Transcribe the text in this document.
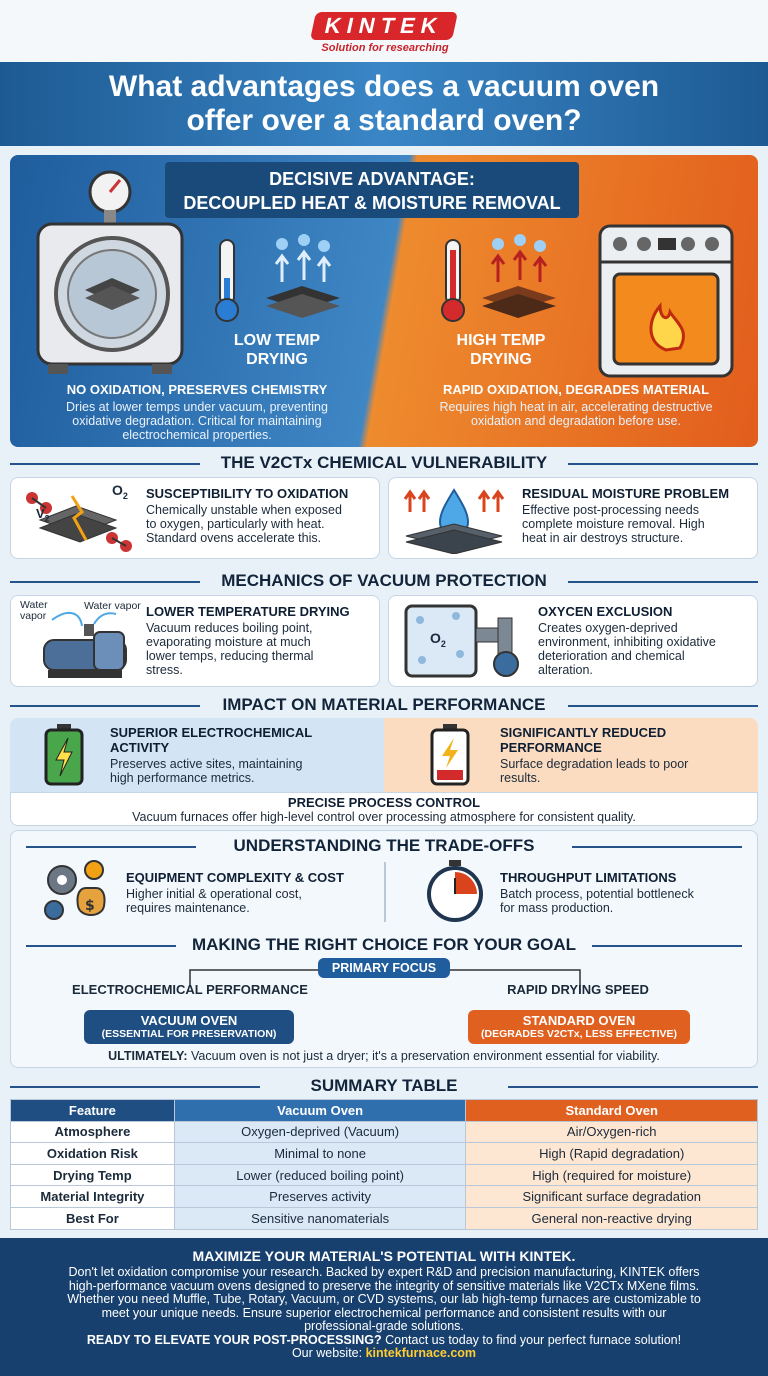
KINTEK
Solution for researching
What advantages does a vacuum oven
offer over a standard oven?
DECISIVE ADVANTAGE:
DECOUPLED HEAT & MOISTURE REMOVAL
LOW TEMP
DRYING
HIGH TEMP
DRYING
NO OXIDATION, PRESERVES CHEMISTRY
Dries at lower temps under vacuum, preventing
oxidative degradation. Critical for maintaining
electrochemical properties.
RAPID OXIDATION, DEGRADES MATERIAL
Requires high heat in air, accelerating destructive
oxidation and degradation before use.
THE V2CTx CHEMICAL VULNERABILITY
$V_2$
$O_2$ SUSCEPTIBILITY TO OXIDATION
Chemically unstable when exposed
to oxygen, particularly with heat.
Standard ovens accelerate this.
RESIDUAL MOISTURE PROBLEM
Effective post-processing needs
complete moisture removal. High
heat in air destroys structure.
MECHANICS OF VACUUM PROTECTION
Water vapor
Water vapor LOWER TEMPERATURE DRYING
Vacuum reduces boiling point,
evaporating moisture at much
lower temps, reducing thermal
stress.
$O_2$
OXYCEN EXCLUSION
Creates oxygen-deprived
environment, inhibiting oxidative
deterioration and chemical
alteration.
IMPACT ON MATERIAL PERFORMANCE
SUPERIOR ELECTROCHEMICAL
ACTIVITY
Preserves active sites, maintaining
high performance metrics.
SIGNIFICANTLY REDUCED
PERFORMANCE
Surface degradation leads to poor
results.
PRECISE PROCESS CONTROL
Vacuum furnaces offer high-level control over processing atmosphere for consistent quality.
UNDERSTANDING THE TRADE-OFFS
$
EQUIPMENT COMPLEXITY & COST
Higher initial & operational cost,
requires maintenance.
THROUGHPUT LIMITATIONS
Batch process, potential bottleneck
for mass production.
MAKING THE RIGHT CHOICE FOR YOUR GOAL
PRIMARY FOCUS
ELECTROCHEMICAL PERFORMANCE	RAPID DRYING SPEED
VACUUM OVEN
(ESSENTIAL FOR PRESERVATION)
STANDARD OVEN
(DEGRADES V2CTx, LESS EFFECTIVE)
ULTIMATELY: Vacuum oven is not just a dryer; it's a preservation environment essential for viability.
SUMMARY TABLE
Feature	Vacuum Oven	Standard Oven
Atmosphere	Oxygen-deprived (Vacuum)	Air/Oxygen-rich
Oxidation Risk	Minimal to none	High (Rapid degradation)
Drying Temp	Lower (reduced boiling point)	High (required for moisture)
Material Integrity	Preserves activity	Significant surface degradation
Best For	Sensitive nanomaterials	General non-reactive drying
MAXIMIZE YOUR MATERIAL'S POTENTIAL WITH KINTEK.
Don't let oxidation compromise your research. Backed by expert R&D and precision manufacturing, KINTEK offers
high-performance vacuum ovens designed to preserve the integrity of sensitive materials like V2CTx MXene films.
Whether you need Muffle, Tube, Rotary, Vacuum, or CVD systems, our lab high-temp furnaces are customizable to
meet your unique needs. Ensure superior electrochemical performance and consistent results with our
professional-grade solutions.
READY TO ELEVATE YOUR POST-PROCESSING? Contact us today to find your perfect furnace solution!
Our website: kintekfurnace.com
